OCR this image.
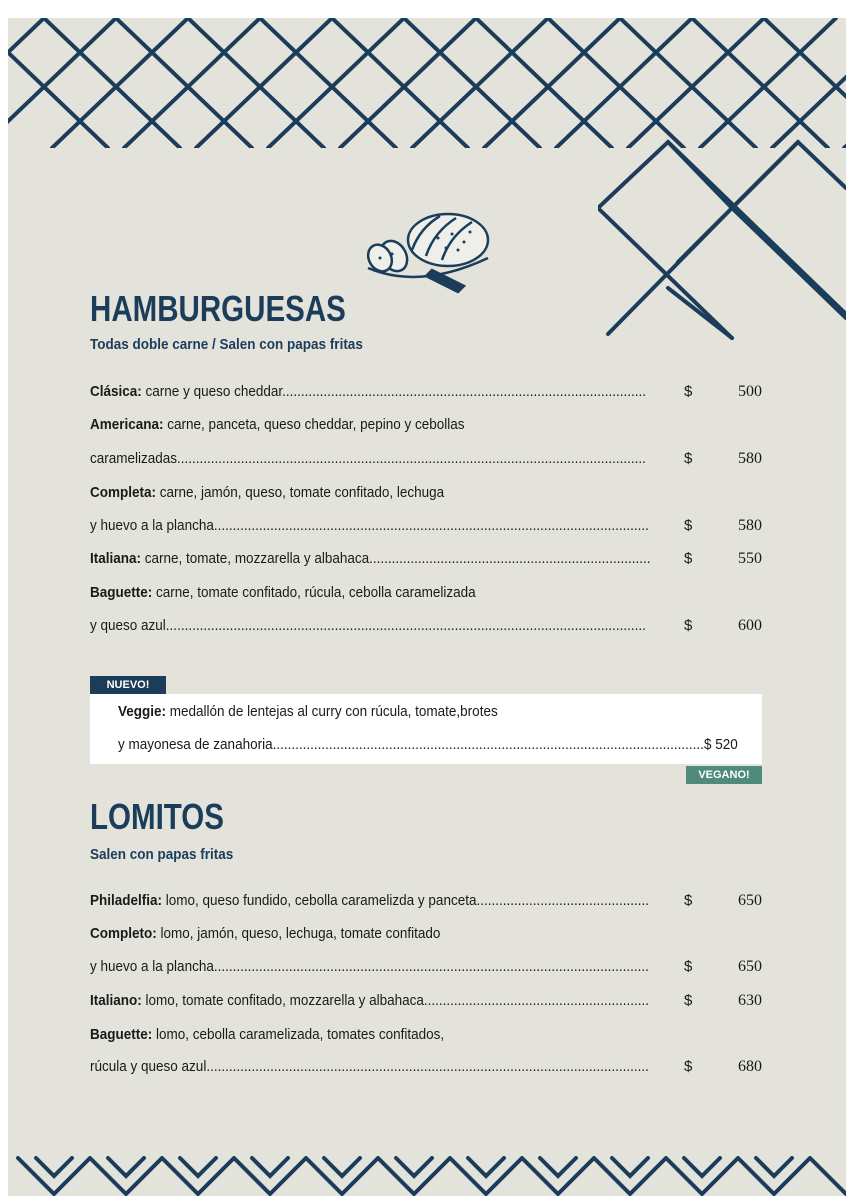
HAMBURGUESAS

Todas doble carne / Salen con papas fritas

Clásica: carne y queso cheddar.................................................................................................	$	500
Americana: carne, panceta, queso cheddar, pepino y cebollas
caramelizadas.............................................................................................................................	$	580
Completa: carne, jamón, queso, tomate confitado, lechuga
y huevo a la plancha.................................................................................................................... $	580
Italiana: carne, tomate, mozzarella y albahaca........................................................................... $	550
Baguette: carne, tomate confitado, rúcula, cebolla caramelizada
y queso azul................................................................................................................................	$	600
NUEVO!
Veggie: medallón de lentejas al curry con rúcula, tomate,brotes
y mayonesa de zanahoria...................................................................................................................$ 520
VEGANO!
LOMITOS

Salen con papas fritas

Philadelfia: lomo, queso fundido, cebolla caramelizda y panceta.............................................. $	650
Completo: lomo, jamón, queso, lechuga, tomate confitado
y huevo a la plancha.................................................................................................................... $	650
Italiano: lomo, tomate confitado, mozzarella y albahaca............................................................ $	630
Baguette: lomo, cebolla caramelizada, tomates confitados,
rúcula y queso azul...................................................................................................................... $	680
